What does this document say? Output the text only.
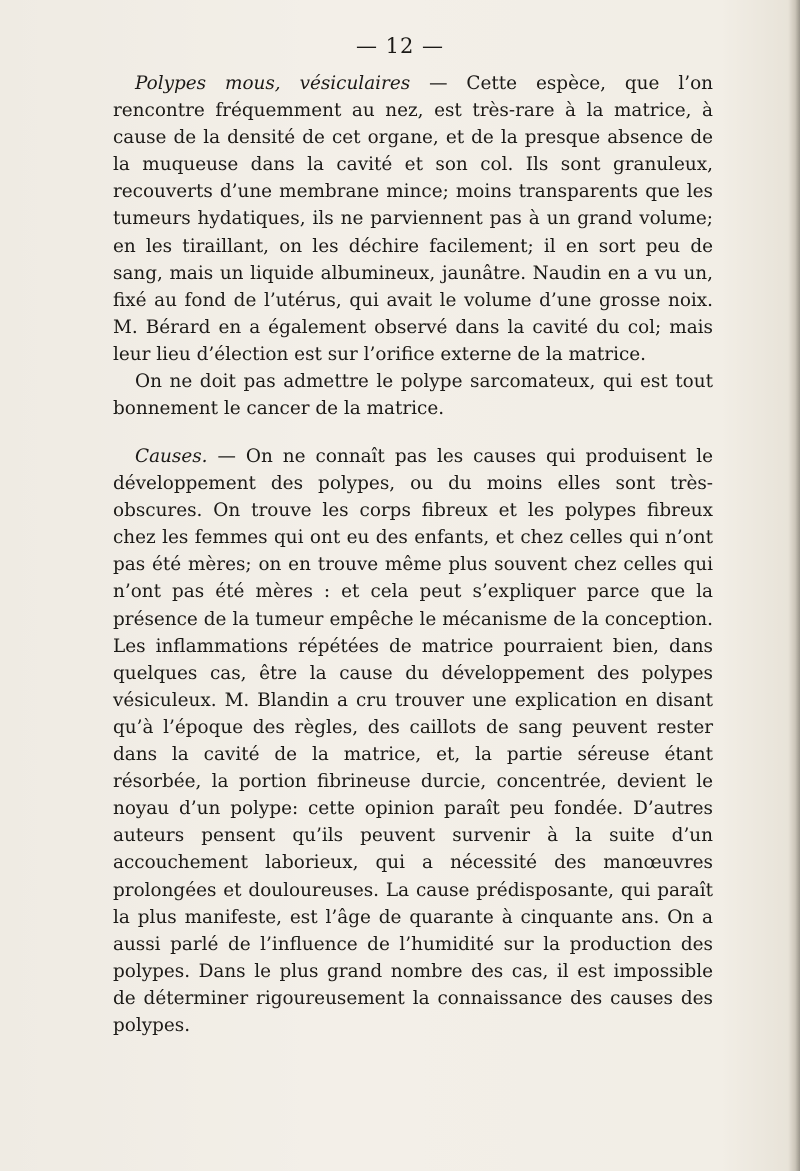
— 12 —

Polypes mous, vésiculaires — Cette espèce, que l’on rencontre fréquemment au nez, est très-rare à la matrice, à cause de la densité de cet organe, et de la presque absence de la muqueuse dans la cavité et son col. Ils sont granuleux, recouverts d’une membrane mince; moins transparents que les tumeurs hydatiques, ils ne parviennent pas à un grand volume; en les tiraillant, on les déchire facilement; il en sort peu de sang, mais un liquide albumineux, jaunâtre. Naudin en a vu un, fixé au fond de l’utérus, qui avait le volume d’une grosse noix. M. Bérard en a également observé dans la cavité du col; mais leur lieu d’élection est sur l’orifice externe de la matrice.

On ne doit pas admettre le polype sarcomateux, qui est tout bonnement le cancer de la matrice.

Causes. — On ne connaît pas les causes qui produisent le développement des polypes, ou du moins elles sont très-obscures. On trouve les corps fibreux et les polypes fibreux chez les femmes qui ont eu des enfants, et chez celles qui n’ont pas été mères; on en trouve même plus souvent chez celles qui n’ont pas été mères : et cela peut s’expliquer parce que la présence de la tumeur empêche le mécanisme de la conception. Les inflammations répétées de matrice pourraient bien, dans quelques cas, être la cause du développement des polypes vésiculeux. M. Blandin a cru trouver une explication en disant qu’à l’époque des règles, des caillots de sang peuvent rester dans la cavité de la matrice, et, la partie séreuse étant résorbée, la portion fibrineuse durcie, concentrée, devient le noyau d’un polype: cette opinion paraît peu fondée. D’autres auteurs pensent qu’ils peuvent survenir à la suite d’un accouchement laborieux, qui a nécessité des manœuvres prolongées et douloureuses. La cause prédisposante, qui paraît la plus manifeste, est l’âge de quarante à cinquante ans. On a aussi parlé de l’influence de l’humidité sur la production des polypes. Dans le plus grand nombre des cas, il est impossible de déterminer rigoureusement la connaissance des causes des polypes.
